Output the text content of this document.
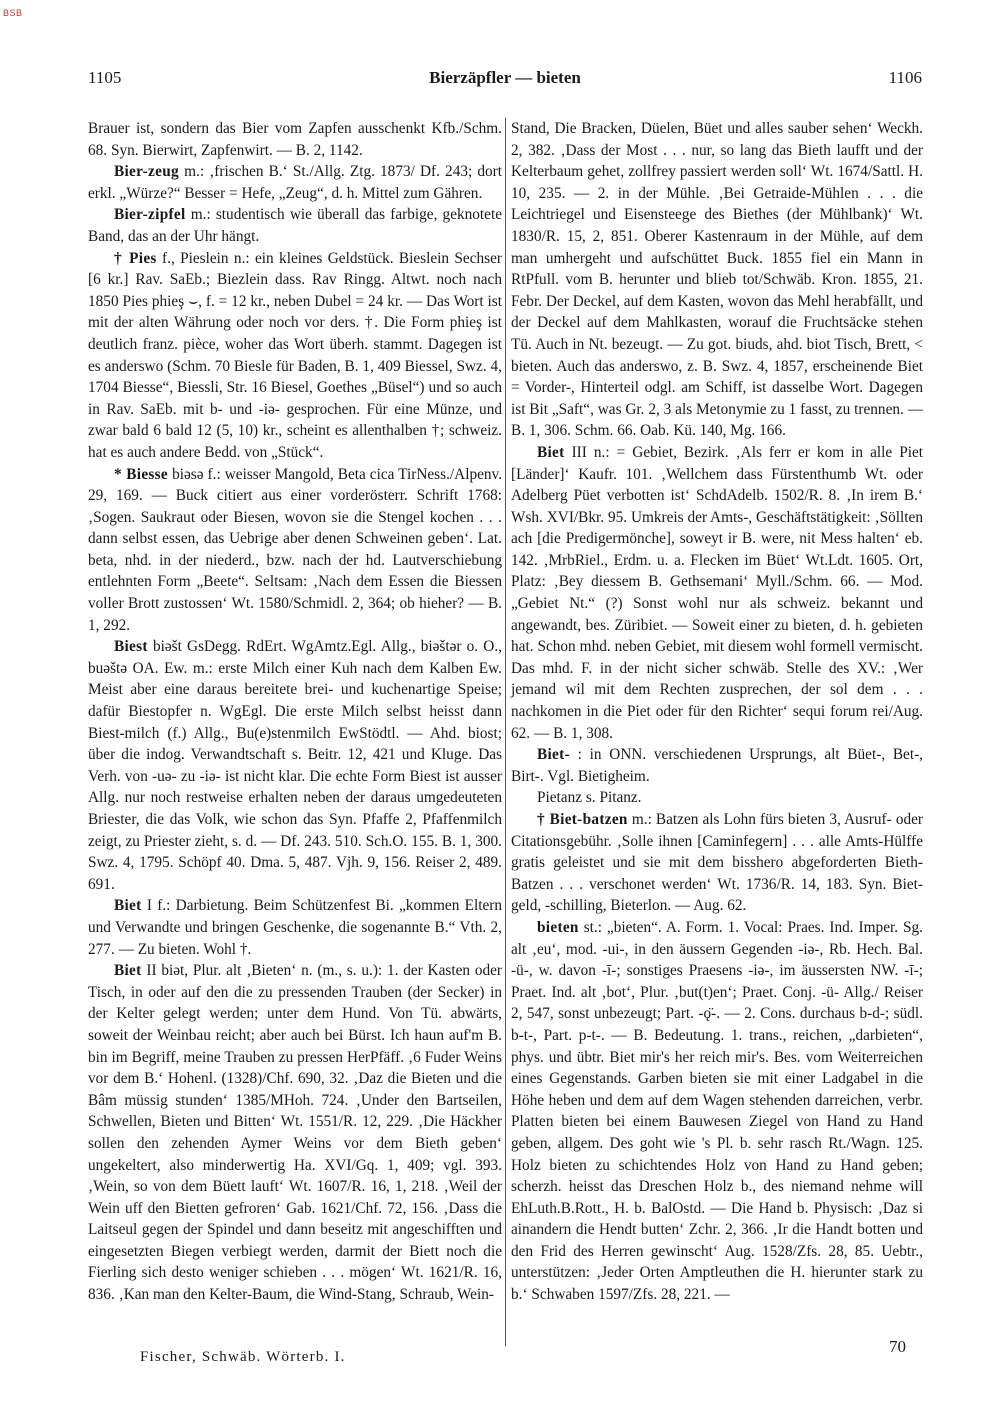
BSB
1105	Bierzäpfler — bieten	1106

Brauer ist, sondern das Bier vom Zapfen ausschenkt Kfb./Schm. 68. Syn. Bierwirt, Zapfenwirt. — B. 2, 1142.

Bier-zeug m.: ‚frischen B.‘ St./Allg. Ztg. 1873/ Df. 243; dort erkl. „Würze?“ Besser = Hefe, „Zeug“, d. h. Mittel zum Gähren.

Bier-zipfel m.: studentisch wie überall das farbige, geknotete Band, das an der Uhr hängt.

† Pies f., Pieslein n.: ein kleines Geldstück. Bieslein Sechser [6 kr.] Rav. SaEb.; Biezlein dass. Rav Ringg. Altwt. noch nach 1850 Pies phieş ⌣, f. = 12 kr., neben Dubel = 24 kr. — Das Wort ist mit der alten Währung oder noch vor ders. †. Die Form phieş ist deutlich franz. pièce, woher das Wort überh. stammt. Dagegen ist es anderswo (Schm. 70 Biesle für Baden, B. 1, 409 Biessel, Swz. 4, 1704 Biesse“, Biessli, Str. 16 Biesel, Goethes „Büsel“) und so auch in Rav. SaEb. mit b- und -iə- gesprochen. Für eine Münze, und zwar bald 6 bald 12 (5, 10) kr., scheint es allenthalben †; schweiz. hat es auch andere Bedd. von „Stück“.

* Biesse biəsə f.: weisser Mangold, Beta cica TirNess./Alpenv. 29, 169. — Buck citiert aus einer vorderösterr. Schrift 1768: ‚Sogen. Saukraut oder Biesen, wovon sie die Stengel kochen . . . dann selbst essen, das Uebrige aber denen Schweinen geben‘. Lat. beta, nhd. in der niederd., bzw. nach der hd. Lautverschiebung entlehnten Form „Beete“. Seltsam: ‚Nach dem Essen die Biessen voller Brott zustossen‘ Wt. 1580/Schmidl. 2, 364; ob hieher? — B. 1, 292.

Biest biəšt GsDegg. RdErt. WgAmtz.Egl. Allg., biəštər o. O., buəštə OA. Ew. m.: erste Milch einer Kuh nach dem Kalben Ew. Meist aber eine daraus bereitete brei- und kuchenartige Speise; dafür Biestopfer n. WgEgl. Die erste Milch selbst heisst dann Biest-milch (f.) Allg., Bu(e)stenmilch EwStödtl. — Ahd. biost; über die indog. Verwandtschaft s. Beitr. 12, 421 und Kluge. Das Verh. von -uə- zu -iə- ist nicht klar. Die echte Form Biest ist ausser Allg. nur noch restweise erhalten neben der daraus umgedeuteten Briester, die das Volk, wie schon das Syn. Pfaffe 2, Pfaffenmilch zeigt, zu Priester zieht, s. d. — Df. 243. 510. Sch.O. 155. B. 1, 300. Swz. 4, 1795. Schöpf 40. Dma. 5, 487. Vjh. 9, 156. Reiser 2, 489. 691.

Biet I f.: Darbietung. Beim Schützenfest Bi. „kommen Eltern und Verwandte und bringen Geschenke, die sogenannte B.“ Vth. 2, 277. — Zu bieten. Wohl †.

Biet II biət, Plur. alt ‚Bieten‘ n. (m., s. u.): 1. der Kasten oder Tisch, in oder auf den die zu pressenden Trauben (der Secker) in der Kelter gelegt werden; unter dem Hund. Von Tü. abwärts, soweit der Weinbau reicht; aber auch bei Bürst. Ich haun auf'm B. bin im Begriff, meine Trauben zu pressen HerPfäff. ‚6 Fuder Weins vor dem B.‘ Hohenl. (1328)/Chf. 690, 32. ‚Daz die Bieten und die Bâm müssig stunden‘ 1385/MHoh. 724. ‚Under den Bartseilen, Schwellen, Bieten und Bitten‘ Wt. 1551/R. 12, 229. ‚Die Häckher sollen den zehenden Aymer Weins vor dem Bieth geben‘ ungekeltert, also minderwertig Ha. XVI/Gq. 1, 409; vgl. 393. ‚Wein, so von dem Büett lauft‘ Wt. 1607/R. 16, 1, 218. ‚Weil der Wein uff den Bietten gefroren‘ Gab. 1621/Chf. 72, 156. ‚Dass die Laitseul gegen der Spindel und dann beseitz mit angeschifften und eingesetzten Biegen verbiegt werden, darmit der Biett noch die Fierling sich desto weniger schieben . . . mögen‘ Wt. 1621/R. 16, 836. ‚Kan man den Kelter-Baum, die Wind-Stang, Schraub, Wein-

Stand, Die Bracken, Düelen, Büet und alles sauber sehen‘ Weckh. 2, 382. ‚Dass der Most . . . nur, so lang das Bieth laufft und der Kelterbaum gehet, zollfrey passiert werden soll‘ Wt. 1674/Sattl. H. 10, 235. — 2. in der Mühle. ‚Bei Getraide-Mühlen . . . die Leichtriegel und Eisensteege des Biethes (der Mühlbank)‘ Wt. 1830/R. 15, 2, 851. Oberer Kastenraum in der Mühle, auf dem man umhergeht und aufschüttet Buck. 1855 fiel ein Mann in RtPfull. vom B. herunter und blieb tot/Schwäb. Kron. 1855, 21. Febr. Der Deckel, auf dem Kasten, wovon das Mehl herabfällt, und der Deckel auf dem Mahlkasten, worauf die Fruchtsäcke stehen Tü. Auch in Nt. bezeugt. — Zu got. biuds, ahd. biot Tisch, Brett, < bieten. Auch das anderswo, z. B. Swz. 4, 1857, erscheinende Biet = Vorder-, Hinterteil odgl. am Schiff, ist dasselbe Wort. Dagegen ist Bit „Saft“, was Gr. 2, 3 als Metonymie zu 1 fasst, zu trennen. — B. 1, 306. Schm. 66. Oab. Kü. 140, Mg. 166.

Biet III n.: = Gebiet, Bezirk. ‚Als ferr er kom in alle Piet [Länder]‘ Kaufr. 101. ‚Wellchem dass Fürstenthumb Wt. oder Adelberg Püet verbotten ist‘ SchdAdelb. 1502/R. 8. ‚In irem B.‘ Wsh. XVI/Bkr. 95. Umkreis der Amts-, Geschäftstätigkeit: ‚Söllten ach [die Predigermönche], soweyt ir B. were, nit Mess halten‘ eb. 142. ‚MrbRiel., Erdm. u. a. Flecken im Büet‘ Wt.Ldt. 1605. Ort, Platz: ‚Bey diessem B. Gethsemani‘ Myll./Schm. 66. — Mod. „Gebiet Nt.“ (?) Sonst wohl nur als schweiz. bekannt und angewandt, bes. Züribiet. — Soweit einer zu bieten, d. h. gebieten hat. Schon mhd. neben Gebiet, mit diesem wohl formell vermischt. Das mhd. F. in der nicht sicher schwäb. Stelle des XV.: ‚Wer jemand wil mit dem Rechten zusprechen, der sol dem . . . nachkomen in die Piet oder für den Richter‘ sequi forum rei/Aug. 62. — B. 1, 308.

Biet- : in ONN. verschiedenen Ursprungs, alt Büet-, Bet-, Birt-. Vgl. Bietigheim.

Pietanz s. Pitanz.

† Biet-batzen m.: Batzen als Lohn fürs bieten 3, Ausruf- oder Citationsgebühr. ‚Solle ihnen [Caminfegern] . . . alle Amts-Hülffe gratis geleistet und sie mit dem bisshero abgeforderten Bieth-Batzen . . . verschonet werden‘ Wt. 1736/R. 14, 183. Syn. Biet-geld, -schilling, Bieterlon. — Aug. 62.

bieten st.: „bieten“. A. Form. 1. Vocal: Praes. Ind. Imper. Sg. alt ‚eu‘, mod. -ui-, in den äussern Gegenden -iə-, Rb. Hech. Bal. -ü-, w. davon -ī-; sonstiges Praesens -iə-, im äussersten NW. -ī-; Praet. Ind. alt ‚bot‘, Plur. ‚but(t)en‘; Praet. Conj. -ü- Allg./ Reiser 2, 547, sonst unbezeugt; Part. -ǫ̈-. — 2. Cons. durchaus b-d-; südl. b-t-, Part. p-t-. — B. Bedeutung. 1. trans., reichen, „darbieten“, phys. und übtr. Biet mir's her reich mir's. Bes. vom Weiterreichen eines Gegenstands. Garben bieten sie mit einer Ladgabel in die Höhe heben und dem auf dem Wagen stehenden darreichen, verbr. Platten bieten bei einem Bauwesen Ziegel von Hand zu Hand geben, allgem. Des goht wie 's Pl. b. sehr rasch Rt./Wagn. 125. Holz bieten zu schichtendes Holz von Hand zu Hand geben; scherzh. heisst das Dreschen Holz b., des niemand nehme will EhLuth.B.Rott., H. b. BalOstd. — Die Hand b. Physisch: ‚Daz si ainandern die Hendt butten‘ Zchr. 2, 366. ‚Ir die Handt botten und den Frid des Herren gewinscht‘ Aug. 1528/Zfs. 28, 85. Uebtr., unterstützen: ‚Jeder Orten Amptleuthen die H. hierunter stark zu b.‘ Schwaben 1597/Zfs. 28, 221. —

Fischer, Schwäb. Wörterb. I.
70
